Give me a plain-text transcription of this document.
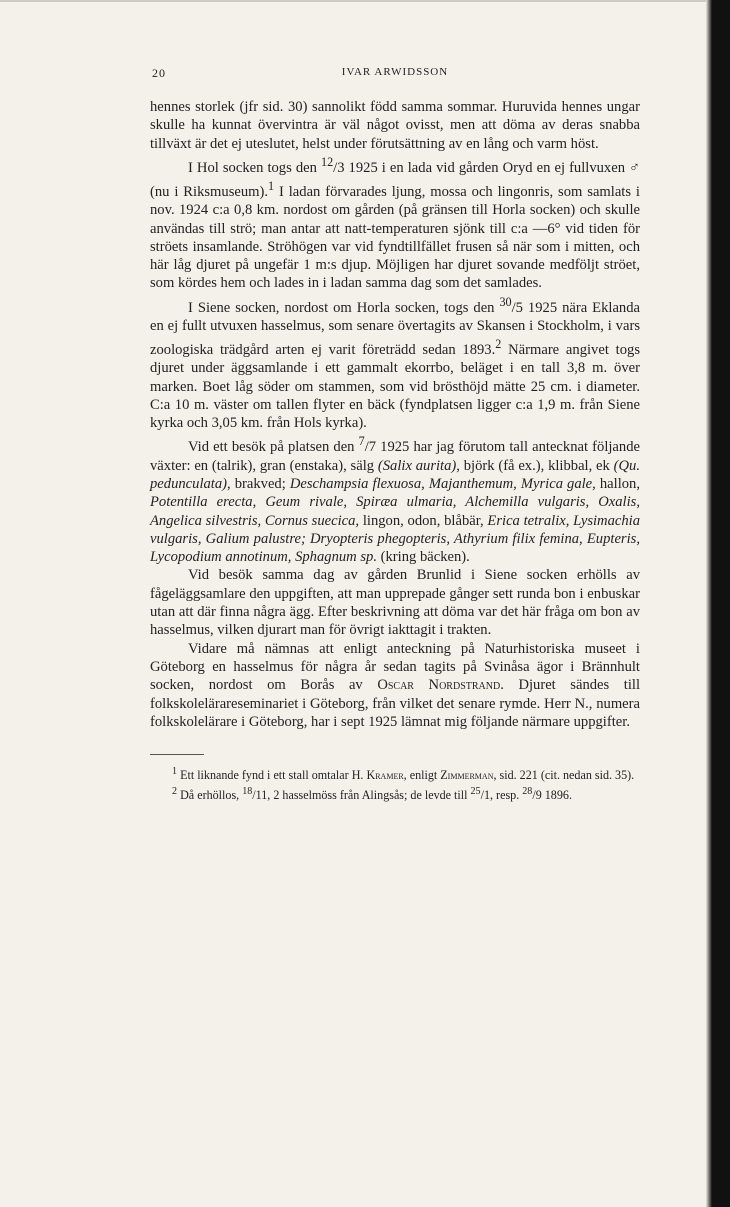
20	IVAR ARWIDSSON

hennes storlek (jfr sid. 30) sannolikt född samma sommar. Huruvida hennes ungar skulle ha kunnat övervintra är väl något ovisst, men att döma av deras snabba tillväxt är det ej uteslutet, helst under förutsättning av en lång och varm höst.

I Hol socken togs den $^{12}$/3 1925 i en lada vid gården Oryd en ej fullvuxen ♂ (nu i Riksmuseum).$^1$ I ladan förvarades ljung, mossa och lingonris, som samlats i nov. 1924 c:a 0,8 km. nordost om gården (på gränsen till Horla socken) och skulle användas till strö; man antar att natt-temperaturen sjönk till c:a —6° vid tiden för ströets insamlande. Ströhögen var vid fyndtillfället frusen så när som i mitten, och här låg djuret på ungefär 1 m:s djup. Möjligen har djuret sovande medföljt ströet, som kördes hem och lades in i ladan samma dag som det samlades.

I Siene socken, nordost om Horla socken, togs den $^{30}$/5 1925 nära Eklanda en ej fullt utvuxen hasselmus, som senare övertagits av Skansen i Stockholm, i vars zoologiska trädgård arten ej varit företrädd sedan 1893.$^2$ Närmare angivet togs djuret under äggsamlande i ett gammalt ekorrbo, beläget i en tall 3,8 m. över marken. Boet låg söder om stammen, som vid brösthöjd mätte 25 cm. i diameter. C:a 10 m. väster om tallen flyter en bäck (fyndplatsen ligger c:a 1,9 m. från Siene kyrka och 3,05 km. från Hols kyrka).

Vid ett besök på platsen den $^7$/7 1925 har jag förutom tall antecknat följande växter: en (talrik), gran (enstaka), sälg (Salix aurita), björk (få ex.), klibbal, ek (Qu. pedunculata), brakved; Deschampsia flexuosa, Majanthemum, Myrica gale, hallon, Potentilla erecta, Geum rivale, Spiræa ulmaria, Alchemilla vulgaris, Oxalis, Angelica silvestris, Cornus suecica, lingon, odon, blåbär, Erica tetralix, Lysimachia vulgaris, Galium palustre; Dryopteris phegopteris, Athyrium filix femina, Eupteris, Lycopodium annotinum, Sphagnum sp. (kring bäcken).

Vid besök samma dag av gården Brunlid i Siene socken erhölls av fågeläggsamlare den uppgiften, att man upprepade gånger sett runda bon i enbuskar utan att där finna några ägg. Efter beskrivning att döma var det här fråga om bon av hasselmus, vilken djurart man för övrigt iakttagit i trakten.

Vidare må nämnas att enligt anteckning på Naturhistoriska museet i Göteborg en hasselmus för några år sedan tagits på Svinåsa ägor i Brännhult socken, nordost om Borås av Oscar Nordstrand. Djuret sändes till folkskolelärareseminariet i Göteborg, från vilket det senare rymde. Herr N., numera folkskolelärare i Göteborg, har i sept 1925 lämnat mig följande närmare uppgifter.

$^1$ Ett liknande fynd i ett stall omtalar H. Kramer, enligt Zimmerman, sid. 221 (cit. nedan sid. 35).

$^2$ Då erhöllos, $^{18}$/11, 2 hasselmöss från Alingsås; de levde till $^{25}$/1, resp. $^{28}$/9 1896.
